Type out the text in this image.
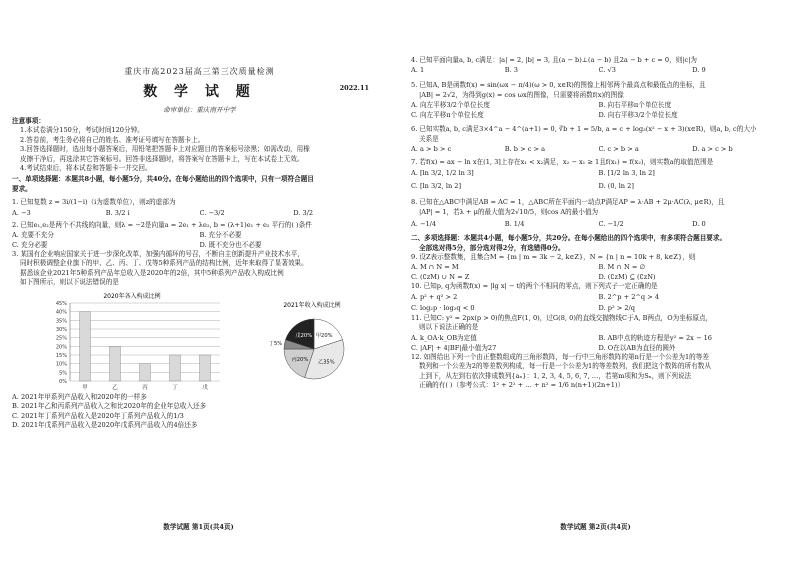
重庆市高2023届高三第三次质量检测
数 学 试 题	2022.11
命审单位：重庆南开中学
注意事项：
1.本试卷满分150分，考试时间120分钟。
2.答卷前，考生务必将自己的姓名、准考证号填写在答题卡上。
3.回答选择题时，选出每小题答案后，用铅笔把答题卡上对应题目的答案标号涂黑；如需改动，用橡
皮擦干净后，再选涂其它答案标号。回答非选择题时，将答案写在答题卡上，写在本试卷上无效。
4.考试结束后，将本试卷和答题卡一并交回。
一、单项选择题：本题共8小题，每小题5分，共40分。在每小题给出的四个选项中，只有一项符合题目
要求。
1. 已知复数 z = 3i/(1−i)（i为虚数单位），则z的虚部为
A. −3	B. 3/2 i	C. −3/2	D. 3/2
2. 已知e₁,e₂是两个不共线的向量，则λ = −2是向量a = 2e₁ + λe₂, b = (λ+1)e₁ + e₂ 平行的( )条件
A. 充要不充分	B. 充分不必要
C. 充分必要	D. 既不充分也不必要
3. 某国有企业响应国家关于进一步深化改革，加强内循环的号召，不断自主创新提升产业技术水平，
同时积极调整企业旗下的甲、乙、丙、丁、戊等5种系列产品的结构比例，近年来取得了显著效果。
据悉该企业2021年5种系列产品年总收入是2020年的2倍，其中5种系列产品收入构成比例
如下图所示，则以下说法错误的是
2020年各入构成比例
45%
40%
35%
30%
25%
20%
15%
10%
5%
0%
甲	乙	丙	丁	戊
2021年收入构成比例
甲20%
乙35%
丙20%
丁5%
戊20%
A. 2021年甲系列产品收入和2020年的一样多
B. 2021年乙和丙系列产品收入之和比2020年的企业年总收入还多
C. 2021年丁系列产品收入是2020年丁系列产品收入的1/3
D. 2021年戊系列产品收入是2020年戊系列产品收入的4倍还多
数学试题 第1页(共4页)
4. 已知平面向量a, b, c满足：|a| = 2, |b| = 3, 且(a − b)⊥(a − b) 且2a − b + c = 0，则|c|为
A. 1	B. 3	C. √3	D. 9
5. 已知A, B是函数f(x) = sin(ωx − π/4)(ω > 0, x∈R)的图像上相邻两个最高点和最低点的坐标，且
|AB| = 2√2，为得到g(x) = cos ωx的图像，只需要将函数f(x)的图像
A. 向左平移3/2个单位长度	B. 向右平移π个单位长度
C. 向左平移π个单位长度	D. 向右平移3/2个单位长度
6. 已知实数a, b, c满足3×4^a − 4^(a+1) = 0, ∛b + 1 = 5/b, a = c + log₃(x² − x + 3)(x∈R)，则a, b, c的大小
关系是
A. a > b > c	B. b > c > a	C. c > b > a	D. a > c > b
7. 若f(x) = ax − ln x在(1, 3]上存在x₁ < x₂满足，x₂ − x₁ ≥ 1且f(x₁) = f(x₂)，则实数a的取值范围是
A. [ln 3/2, 1/2 ln 3]	B. [1/2 ln 3, ln 2]
C. [ln 3/2, ln 2]	D. (0, ln 2]
8. 已知在△ABC中满足AB = AC = 1，△ABC所在平面内一动点P满足AP = λ·AB + 2μ·AC(λ, μ∈R)，且
|AP| = 1，若λ + μ的最大值为2√10/5，则cos A的最小值为
A. −1/4	B. 1/4	C. −1/2	D. 0
二、多项选择题：本题共4小题，每小题5分，共20分。在每小题给出的四个选项中，有多项符合题目要求。
全部选对得5分，部分选对得2分，有选错得0分。
9. 设Z表示整数集，且集合M = {m | m = 3k − 2, k∈Z}，N = {n | n = 10k + 8, k∈Z}，则
A. M ∩ N = M	B. M ∩ N = ∅
C. (∁zM) ∪ N = Z	D. (∁zM) ⊆ (∁zN)
10. 已知p, q为函数f(x) = |lg x| − t的两个不相同的零点，则下列式子一定正确的是
A. p² + q² > 2	B. 2^p + 2^q > 4
C. log₂p · log₂q < 0	D. p² > 2/q
11. 已知C: y² = 2px(p > 0)的焦点F(1, 0)，过G(8, 0)的直线交抛物线C于A, B两点，O为坐标原点，
则以下说法正确的是
A. k_OA·k_OB为定值	B. AB中点的轨迹方程是y² = 2x − 16
C. |AF| + 4|BF|最小值为27	D. O在以AB为直径的圆外
12. 如图给出下列一个由正整数组成的三角形数阵，每一行中三角形数阵的第n行是一个公差为1的等差
数列和一个公差为2的等差数列构成，每一行是一个公差为1的等差数列，我们把这个数阵的所有数从
上到下，从左到右依次排成数列{aₙ}：1, 2, 3, 4, 5, 6, 7, …，若第m项和为Sₙ，则下列说法
正确的有( )（参考公式：1² + 2² + … + n² = 1/6 n(n+1)(2n+1)）
数学试题 第2页(共4页)
